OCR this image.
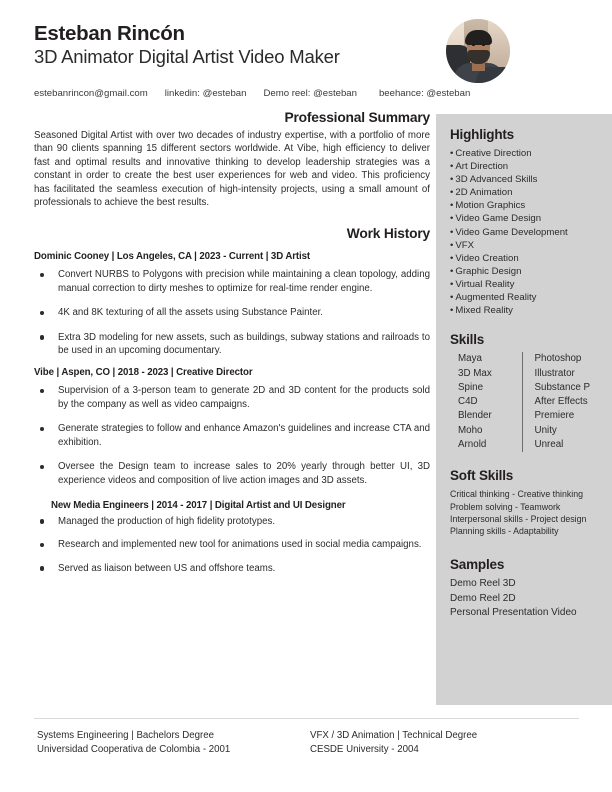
Esteban Rincón
3D Animator Digital Artist Video Maker
estebanrincon@gmail.com linkedin: @esteban Demo reel: @esteban beehance: @esteban
Highlights
• Creative Direction
• Art Direction
• 3D Advanced Skills
• 2D Animation
• Motion Graphics
• Video Game Design
• Video Game Development
• VFX
• Video Creation
• Graphic Design
• Virtual Reality
• Augmented Reality
• Mixed Reality
Skills
Maya
3D Max
Spine
C4D
Blender
Moho
Arnold
Photoshop
Illustrator
Substance P
After Effects
Premiere
Unity
Unreal
Soft Skills
Critical thinking - Creative thinking
Problem solving - Teamwork
Interpersonal skills - Project design
Planning skills - Adaptability
Samples
Demo Reel 3D
Demo Reel 2D
Personal Presentation Video
Professional Summary

Seasoned Digital Artist with over two decades of industry expertise, with a portfolio of more than 90 clients spanning 15 different sectors worldwide. At Vibe, high efficiency to deliver fast and optimal results and innovative thinking to develop leadership strategies was a constant in order to create the best user experiences for web and video. This proficiency has facilitated the seamless execution of high-intensity projects, using a small amount of professionals to achieve the best results.

Work History
Dominic Cooney | Los Angeles, CA | 2023 - Current | 3D Artist
Convert NURBS to Polygons with precision while maintaining a clean topology, adding manual correction to dirty meshes to optimize for real-time render engine.
4K and 8K texturing of all the assets using Substance Painter.
Extra 3D modeling for new assets, such as buildings, subway stations and railroads to be used in an upcoming documentary.
Vibe | Aspen, CO | 2018 - 2023 | Creative Director
Supervision of a 3-person team to generate 2D and 3D content for the products sold by the company as well as video campaigns.
Generate strategies to follow and enhance Amazon's guidelines and increase CTA and exhibition.
Oversee the Design team to increase sales to 20% yearly through better UI, 3D experience videos and composition of live action images and 3D assets.
New Media Engineers | 2014 - 2017 | Digital Artist and UI Designer
Managed the production of high fidelity prototypes.
Research and implemented new tool for animations used in social media campaigns.
Served as liaison between US and offshore teams.
Systems Engineering | Bachelors Degree
Universidad Cooperativa de Colombia - 2001
VFX / 3D Animation | Technical Degree
CESDE University - 2004
